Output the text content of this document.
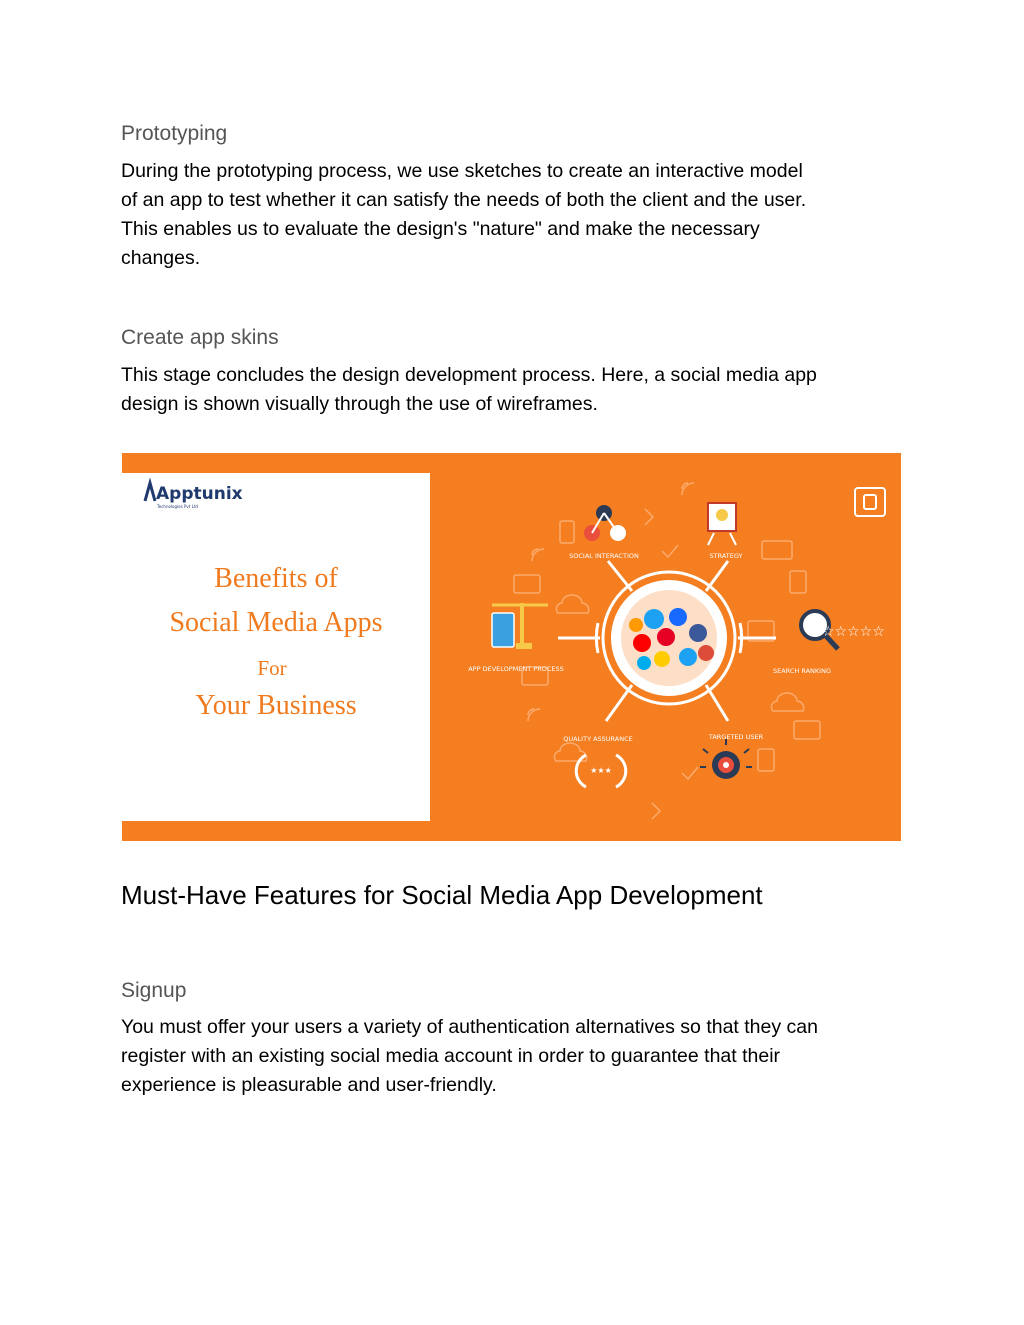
Prototyping

During the prototyping process, we use sketches to create an interactive model
of an app to test whether it can satisfy the needs of both the client and the user.
This enables us to evaluate the design's "nature" and make the necessary
changes.

Create app skins

This stage concludes the design development process. Here, a social media app
design is shown visually through the use of wireframes.

Apptunix
Technologies Pvt Ltd
Benefits of
Social Media Apps
For
Your Business
SOCIAL INTERACTION	STRATEGY
APP DEVELOPMENT PROCESS
☆☆☆☆☆
SEARCH RANKING
QUALITY ASSURANCE
★★★
TARGETED USER
Must-Have Features for Social Media App Development
Signup

You must offer your users a variety of authentication alternatives so that they can
register with an existing social media account in order to guarantee that their
experience is pleasurable and user-friendly.
